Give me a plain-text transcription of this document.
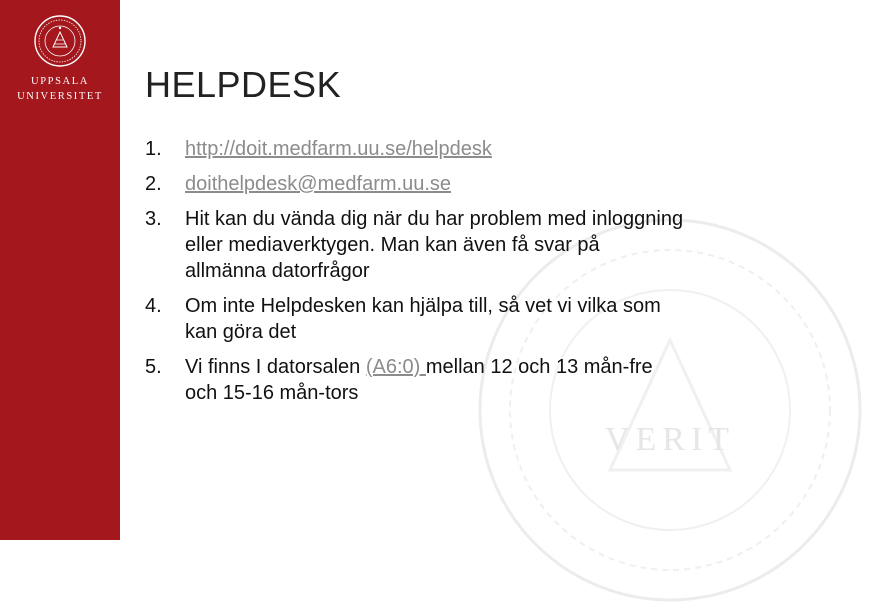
UPPSALA
UNIVERSITET
VERIT
HELPDESK
1.	http://doit.medfarm.uu.se/helpdesk
2.	doithelpdesk@medfarm.uu.se
3.	Hit kan du vända dig när du har problem med inloggning eller mediaverktygen. Man kan även få svar på allmänna datorfrågor
4.	Om inte Helpdesken kan hjälpa till, så vet vi vilka som kan göra det
5.	Vi finns I datorsalen (A6:0) mellan 12 och 13 mån-fre och 15-16 mån-tors
